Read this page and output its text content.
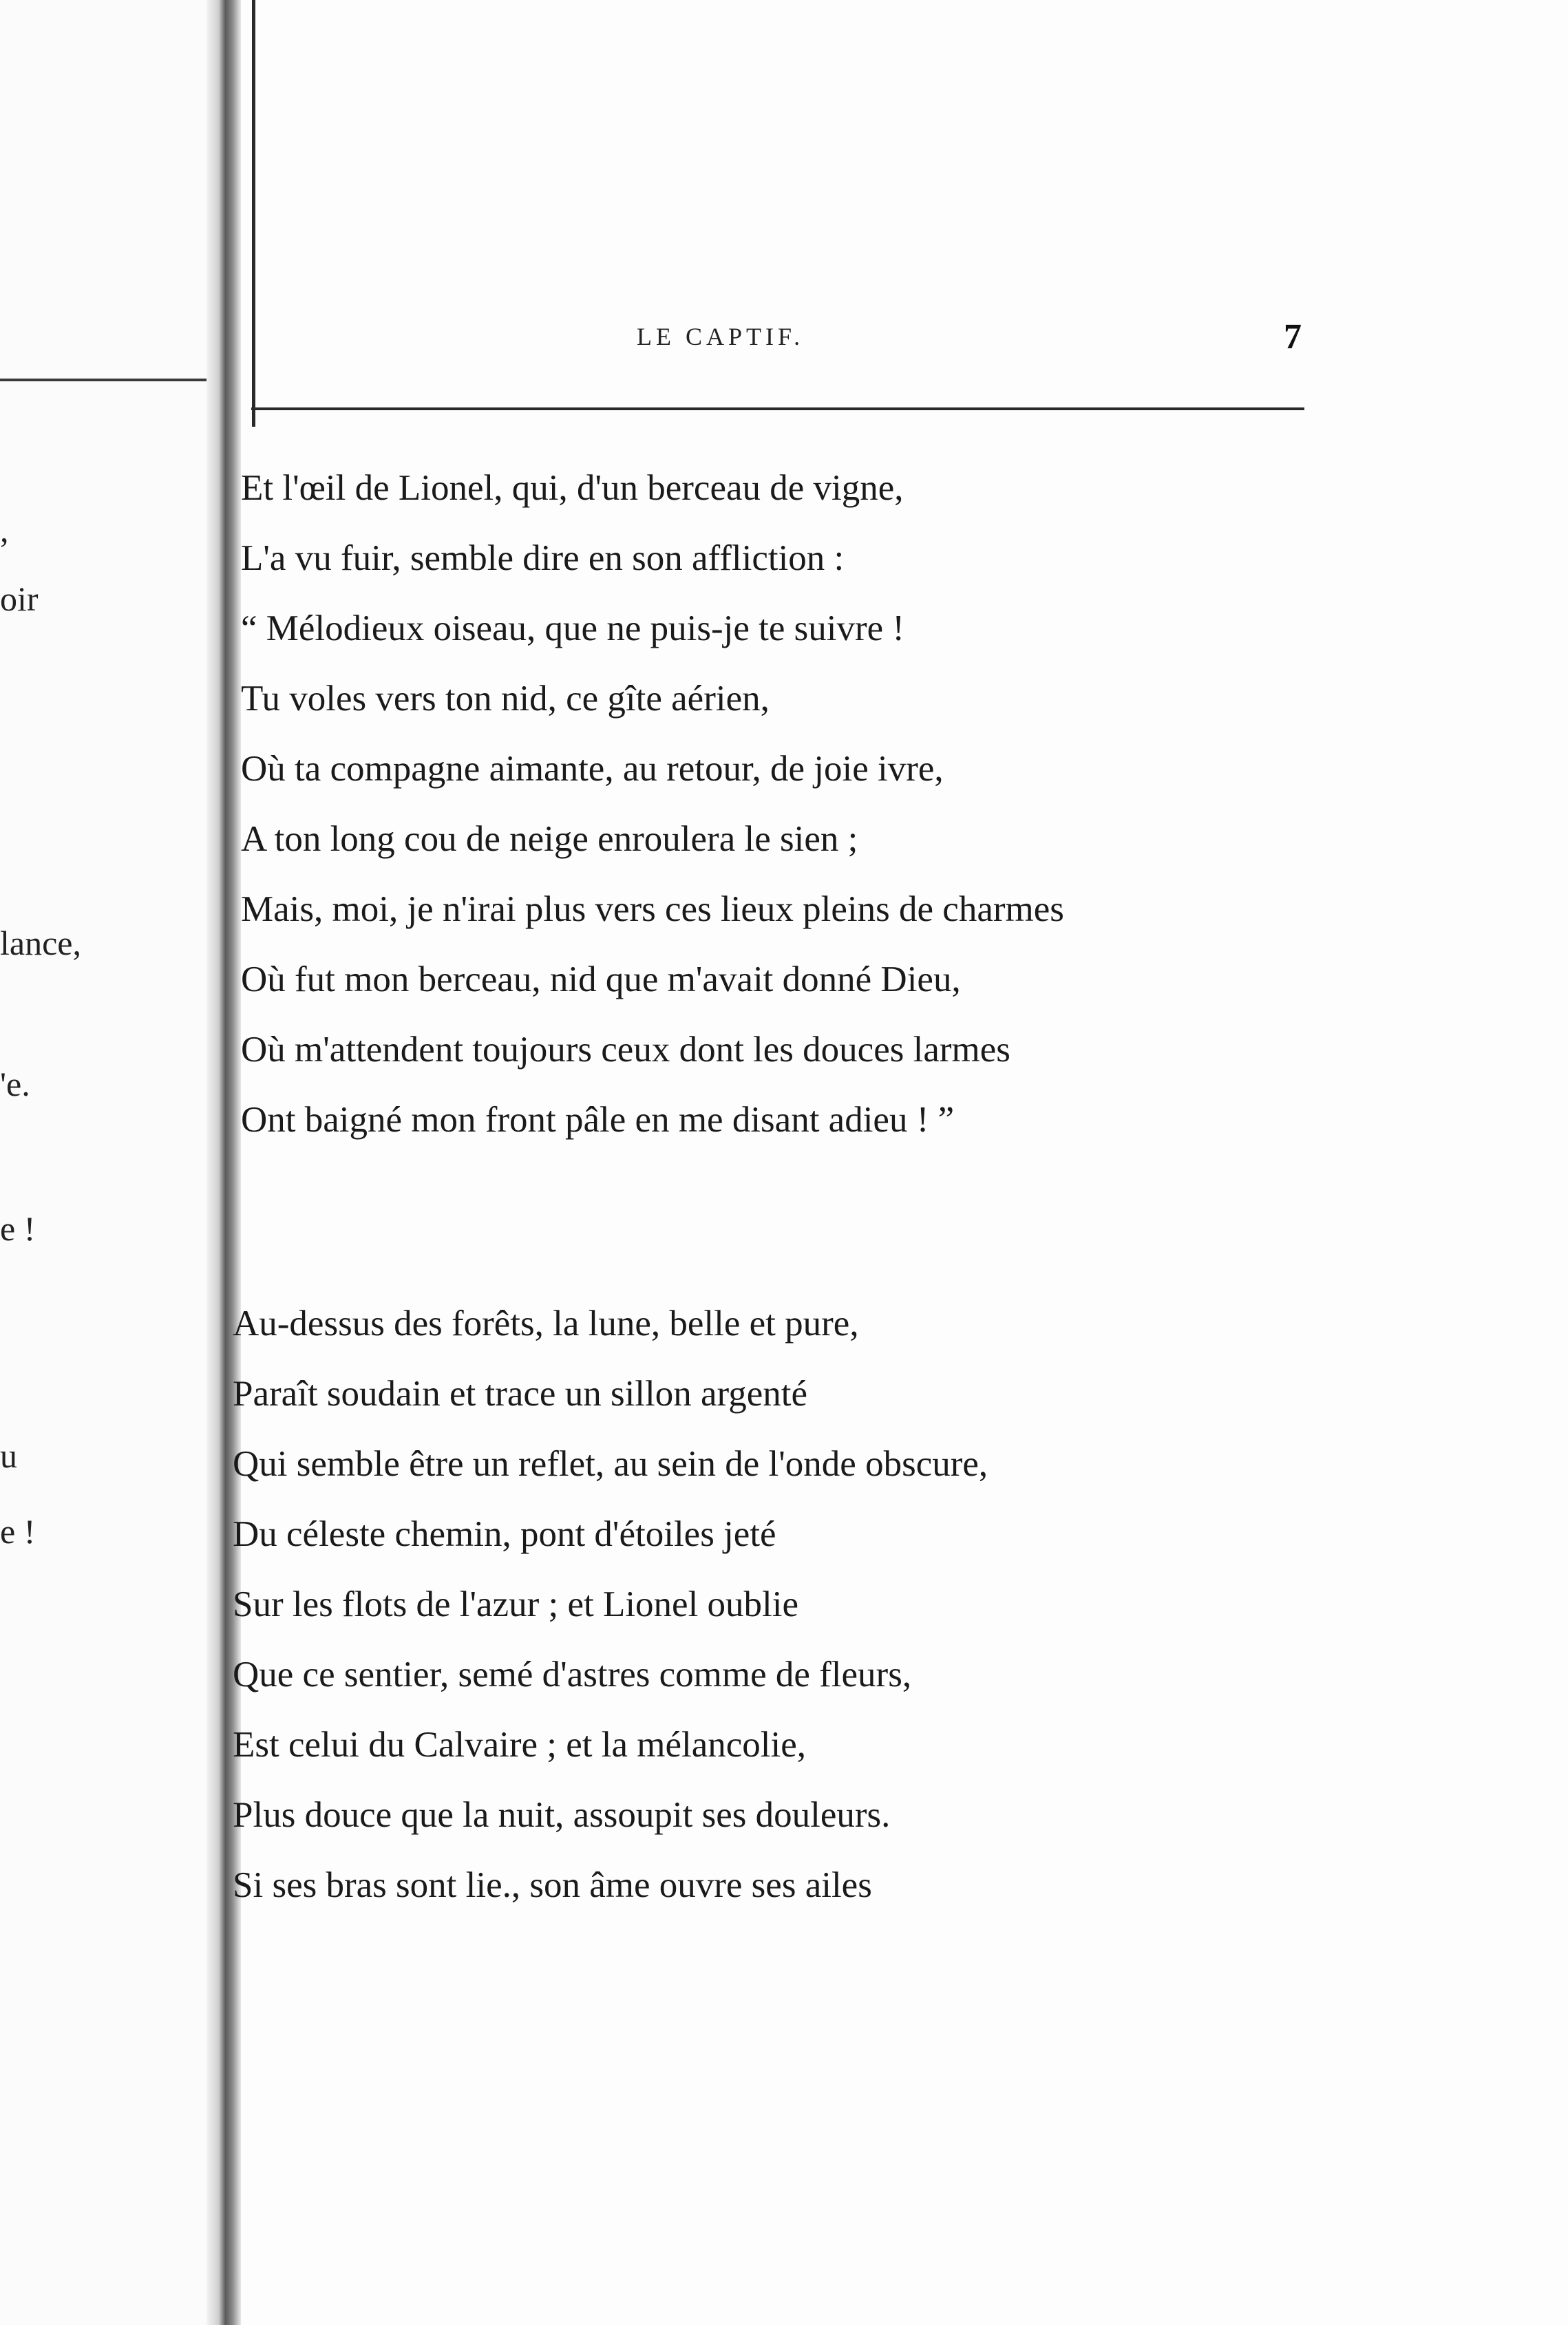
,
oir
lance,
'e.
e !
u
e !
LE CAPTIF.	7
Et l'œil de Lionel, qui, d'un berceau de vigne,
L'a vu fuir, semble dire en son affliction :
“ Mélodieux oiseau, que ne puis-je te suivre !
Tu voles vers ton nid, ce gîte aérien,
Où ta compagne aimante, au retour, de joie ivre,
A ton long cou de neige enroulera le sien ;
Mais, moi, je n'irai plus vers ces lieux pleins de charmes
Où fut mon berceau, nid que m'avait donné Dieu,
Où m'attendent toujours ceux dont les douces larmes
Ont baigné mon front pâle en me disant adieu ! ”
Au-dessus des forêts, la lune, belle et pure,
Paraît soudain et trace un sillon argenté
Qui semble être un reflet, au sein de l'onde obscure,
Du céleste chemin, pont d'étoiles jeté
Sur les flots de l'azur ; et Lionel oublie
Que ce sentier, semé d'astres comme de fleurs,
Est celui du Calvaire ; et la mélancolie,
Plus douce que la nuit, assoupit ses douleurs.
Si ses bras sont lie., son âme ouvre ses ailes
